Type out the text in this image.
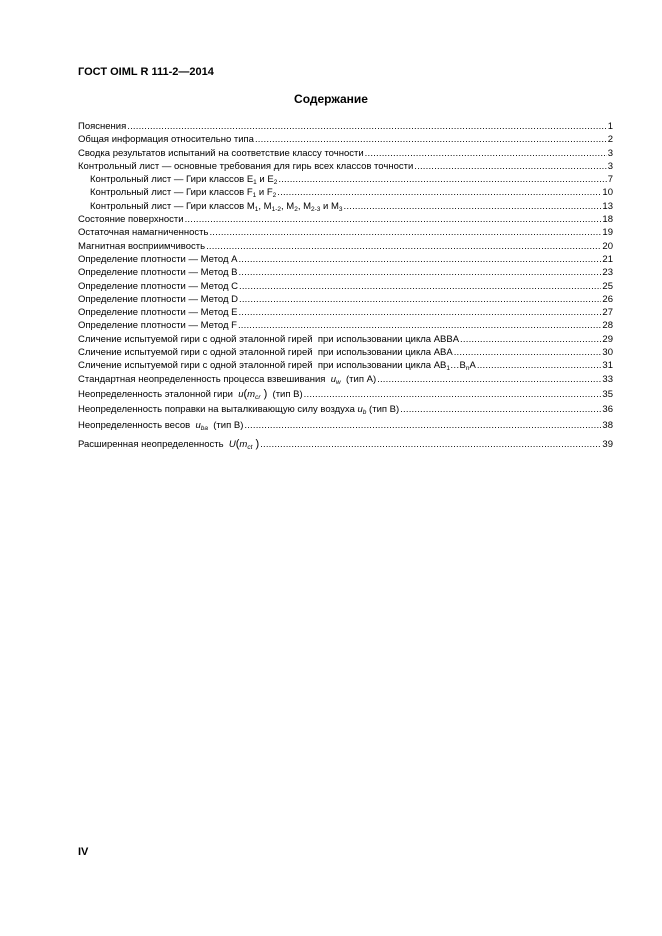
ГОСТ OIML R 111-2—2014
Содержание
Пояснения .....	1
Общая информация относительно типа .....	2
Сводка результатов испытаний на соответствие классу точности .....	3
Контрольный лист — основные требования для гирь всех классов точности .....	3
Контрольный лист — Гири классов $E_1$ и $E_2$ .....	7
Контрольный лист — Гири классов $F_1$ и $F_2$ .....	10
Контрольный лист — Гири классов $M_1$, $M_{1-2}$, $M_2$, $M_{2-3}$ и $M_3$ .....	13
Состояние поверхности .....	18
Остаточная намагниченность .....	19
Магнитная восприимчивость .....	20
Определение плотности — Метод A .....	21
Определение плотности — Метод B .....	23
Определение плотности — Метод C .....	25
Определение плотности — Метод D .....	26
Определение плотности — Метод E .....	27
Определение плотности — Метод F .....	28
Сличение испытуемой гири с одной эталонной гирей  при использовании цикла ABBA .....	29
Сличение испытуемой гири с одной эталонной гирей  при использовании цикла ABA .....	30
Сличение испытуемой гири с одной эталонной гирей  при использовании цикла $AB_1\dots B_nA$ .....	31
Стандартная неопределенность процесса взвешивания  $u_w$  (тип A) .....	33
Неопределенность эталонной гири  $u(m_{cr}$ )  (тип B) .....	35
Неопределенность поправки на выталкивающую силу воздуха $u_b$ (тип B) .....	36
Неопределенность весов  $u_{ba}$  (тип B) .....	38
Расширенная неопределенность  $U(m_{ct}$ ) .....	39
IV
